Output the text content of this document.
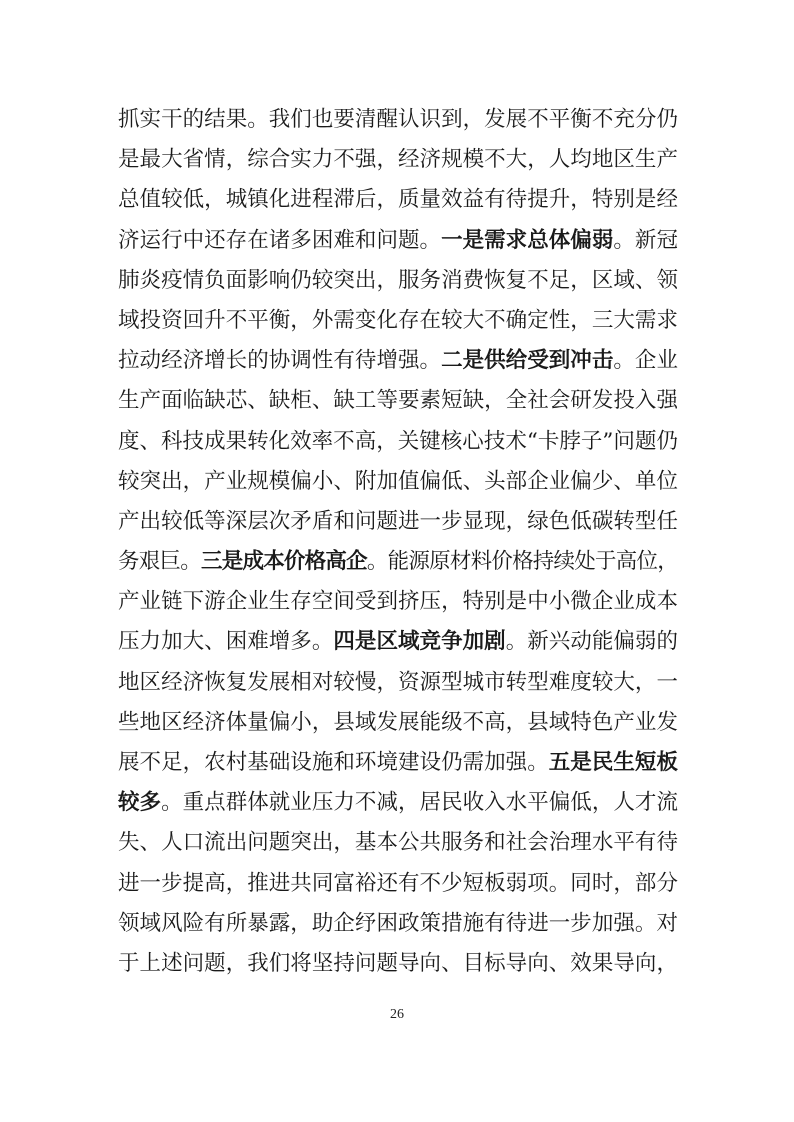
抓实干的结果。我们也要清醒认识到，发展不平衡不充分仍
是最大省情，综合实力不强，经济规模不大，人均地区生产
总值较低，城镇化进程滞后，质量效益有待提升，特别是经
济运行中还存在诸多困难和问题。一是需求总体偏弱。新冠
肺炎疫情负面影响仍较突出，服务消费恢复不足，区域、领
域投资回升不平衡，外需变化存在较大不确定性，三大需求
拉动经济增长的协调性有待增强。二是供给受到冲击。企业
生产面临缺芯、缺柜、缺工等要素短缺，全社会研发投入强
度、科技成果转化效率不高，关键核心技术“卡脖子”问题仍
较突出，产业规模偏小、附加值偏低、头部企业偏少、单位
产出较低等深层次矛盾和问题进一步显现，绿色低碳转型任
务艰巨。三是成本价格高企。能源原材料价格持续处于高位，
产业链下游企业生存空间受到挤压，特别是中小微企业成本
压力加大、困难增多。四是区域竞争加剧。新兴动能偏弱的
地区经济恢复发展相对较慢，资源型城市转型难度较大，一
些地区经济体量偏小，县域发展能级不高，县域特色产业发
展不足，农村基础设施和环境建设仍需加强。五是民生短板
较多。重点群体就业压力不减，居民收入水平偏低，人才流
失、人口流出问题突出，基本公共服务和社会治理水平有待
进一步提高，推进共同富裕还有不少短板弱项。同时，部分
领域风险有所暴露，助企纾困政策措施有待进一步加强。对
于上述问题，我们将坚持问题导向、目标导向、效果导向，
26
